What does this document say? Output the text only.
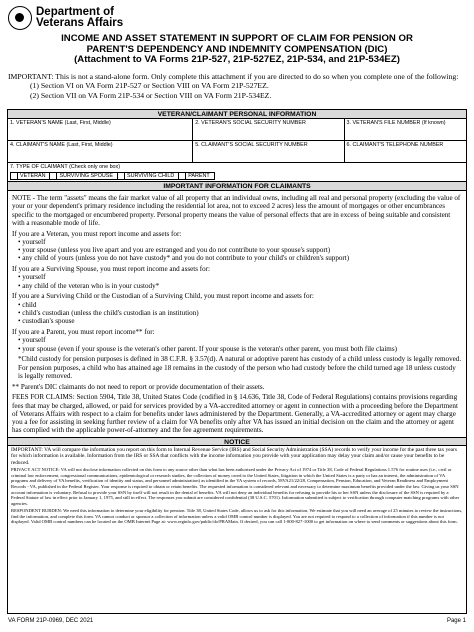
Department of
Veterans Affairs
INCOME AND ASSET STATEMENT IN SUPPORT OF CLAIM FOR PENSION OR
PARENT'S DEPENDENCY AND INDEMNITY COMPENSATION (DIC)
(Attachment to VA Forms 21P-527, 21P-527EZ, 21P-534, and 21P-534EZ)
IMPORTANT: This is not a stand-alone form. Only complete this attachment if you are directed to do so when you complete one of the following:
(1) Section VI on VA Form 21P-527 or Section VIII on VA Form 21P-527EZ.
(2) Section VII on VA Form 21P-534 or Section VIII on VA Form 21P-534EZ.
VETERAN/CLAIMANT PERSONAL INFORMATION
1. VETERAN'S NAME (Last, First, Middle)	2. VETERAN'S SOCIAL SECURITY NUMBER	3. VETERAN'S FILE NUMBER (If known)
4. CLAIMANT'S NAME (Last, First, Middle)	5. CLAIMANT'S SOCIAL SECURITY NUMBER	6. CLAIMANT'S TELEPHONE NUMBER
7. TYPE OF CLAIMANT (Check only one box)
VETERAN	SURVIVING SPOUSE	SURVIVING CHILD	PARENT
IMPORTANT INFORMATION FOR CLAIMANTS

NOTE - The term "assets" means the fair market value of all property that an individual owns, including all real and personal property (excluding the value of your or your dependent's primary residence including the residential lot area, not to exceed 2 acres) less the amount of mortgages or other encumbrances specific to the mortgaged or encumbered property. Personal property means the value of personal effects that are in excess of being suitable and consistent with a reasonable mode of life.

If you are a Veteran, you must report income and assets for:
• yourself
• your spouse (unless you live apart and you are estranged and you do not contribute to your spouse's support)
• any child of yours (unless you do not have custody* and you do not contribute to your child's or children's support)

If you are a Surviving Spouse, you must report income and assets for:
• yourself
• any child of the veteran who is in your custody*

If you are a Surviving Child or the Custodian of a Surviving Child, you must report income and assets for:
• child
• child's custodian (unless the child's custodian is an institution)
• custodian's spouse

If you are a Parent, you must report income** for:
• yourself
• your spouse (even if your spouse is the veteran's other parent. If your spouse is the veteran's other parent, you must both file claims)

*Child custody for pension purposes is defined in 38 C.F.R. § 3.57(d). A natural or adoptive parent has custody of a child unless custody is legally removed. For pension purposes, a child who has attained age 18 remains in the custody of the person who had custody before the child turned age 18 unless custody is legally removed.

** Parent's DIC claimants do not need to report or provide documentation of their assets.

FEES FOR CLAIMS: Section 5904, Title 38, United States Code (codified in § 14.636, Title 38, Code of Federal Regulations) contains provisions regarding fees that may be charged, allowed, or paid for services provided by a VA-accredited attorney or agent in connection with a proceeding before the Department of Veterans Affairs with respect to a claim for benefits under laws administered by the Department. Generally, a VA-accredited attorney or agent may charge you a fee for assisting in seeking further review of a claim for VA benefits only after VA has issued an initial decision on the claim and the attorney or agent has complied with the applicable power-of-attorney and the fee agreement requirements.

NOTICE

IMPORTANT: VA will compare the information you report on this form to Internal Revenue Service (IRS) and Social Security Administration (SSA) records to verify your income for the past three tax years for which information is available. Information from the IRS or SSA that conflicts with the income information you provide with your application may delay your claim and/or cause your benefits to be reduced.

PRIVACY ACT NOTICE: VA will not disclose information collected on this form to any source other than what has been authorized under the Privacy Act of 1974 or Title 38, Code of Federal Regulations 1.576 for routine uses (i.e., civil or criminal law enforcement, congressional communications, epidemiological or research studies, the collection of money owed to the United States, litigation in which the United States is a party or has an interest, the administration of VA programs and delivery of VA benefits, verification of identity and status, and personnel administration) as identified in the VA system of records, 58VA21/22/28, Compensation, Pension, Education, and Veteran Readiness and Employment Records - VA, published in the Federal Register. Your response is required to obtain or retain benefits. The requested information is considered relevant and necessary to determine maximum benefits provided under the law. Giving us your SSN account information is voluntary. Refusal to provide your SSN by itself will not result in the denial of benefits. VA will not deny an individual benefits for refusing to provide his or her SSN unless the disclosure of the SSN is required by a Federal Statute of law in effect prior to January 1, 1975, and still in effect. The responses you submit are considered confidential (38 U.S.C. 5701). Information submitted is subject to verification through computer matching programs with other agencies.

RESPONDENT BURDEN: We need this information to determine your eligibility for pension. Title 38, United States Code, allows us to ask for this information. We estimate that you will need an average of 25 minutes to review the instructions, find the information, and complete this form. VA cannot conduct or sponsor a collection of information unless a valid OMB control number is displayed. You are not required to respond to a collection of information if this number is not displayed. Valid OMB control numbers can be located on the OMB Internet Page at: www.reginfo.gov/public/do/PRAMain. If desired, you can call 1-800-827-1000 to get information on where to send comments or suggestions about this form.

VA FORM 21P-0969, DEC 2021	Page 1
